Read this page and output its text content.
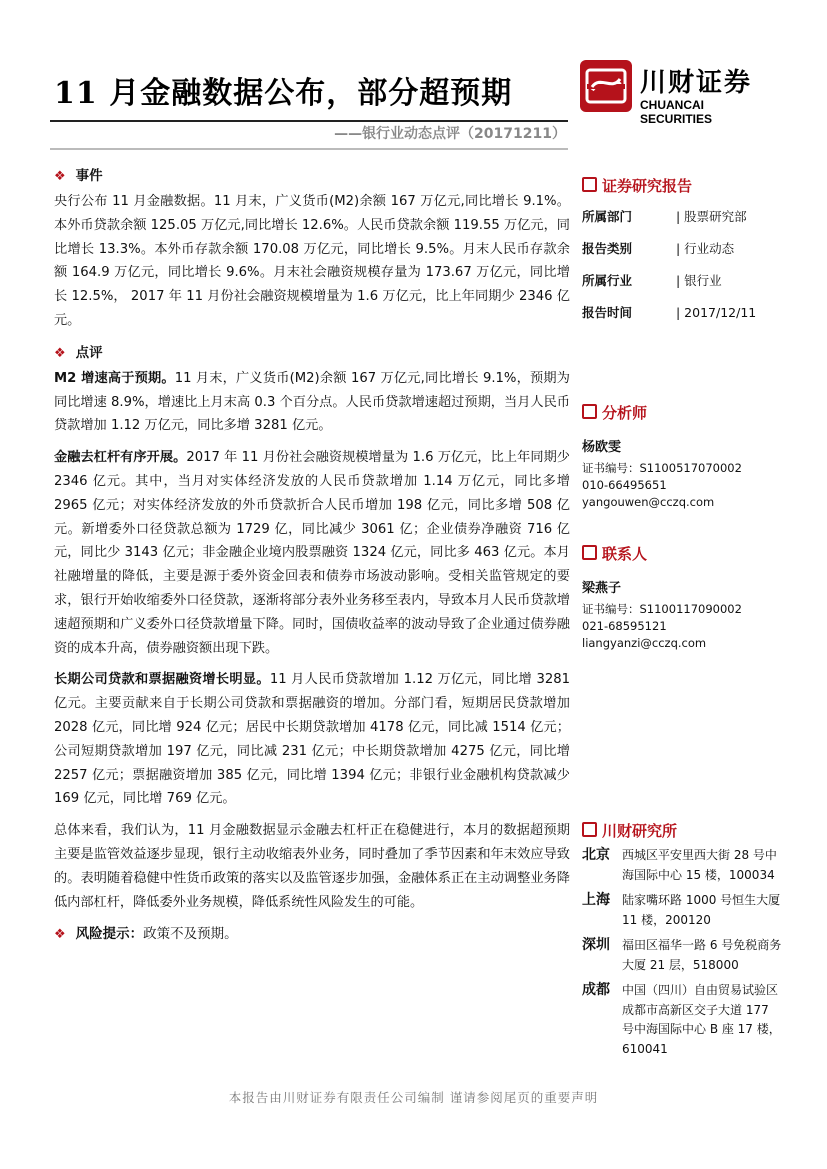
11 月金融数据公布，部分超预期
——银行业动态点评（20171211）
川财证券
CHUANCAI SECURITIES
❖ 事件

央行公布 11 月金融数据。11 月末，广义货币(M2)余额 167 万亿元,同比增长 9.1%。本外币贷款余额 125.05 万亿元,同比增长 12.6%。人民币贷款余额 119.55 万亿元，同比增长 13.3%。本外币存款余额 170.08 万亿元，同比增长 9.5%。月末人民币存款余额 164.9 万亿元，同比增长 9.6%。月末社会融资规模存量为 173.67 万亿元，同比增长 12.5%， 2017 年 11 月份社会融资规模增量为 1.6 万亿元，比上年同期少 2346 亿元。

❖ 点评

M2 增速高于预期。11 月末，广义货币(M2)余额 167 万亿元,同比增长 9.1%，预期为同比增速 8.9%，增速比上月末高 0.3 个百分点。人民币贷款增速超过预期，当月人民币贷款增加 1.12 万亿元，同比多增 3281 亿元。

金融去杠杆有序开展。2017 年 11 月份社会融资规模增量为 1.6 万亿元，比上年同期少 2346 亿元。其中，当月对实体经济发放的人民币贷款增加 1.14 万亿元，同比多增 2965 亿元；对实体经济发放的外币贷款折合人民币增加 198 亿元，同比多增 508 亿元。新增委外口径贷款总额为 1729 亿，同比减少 3061 亿；企业债券净融资 716 亿元，同比少 3143 亿元；非金融企业境内股票融资 1324 亿元，同比多 463 亿元。本月社融增量的降低，主要是源于委外资金回表和债券市场波动影响。受相关监管规定的要求，银行开始收缩委外口径贷款，逐渐将部分表外业务移至表内，导致本月人民币贷款增速超预期和广义委外口径贷款增量下降。同时，国债收益率的波动导致了企业通过债券融资的成本升高，债券融资额出现下跌。

长期公司贷款和票据融资增长明显。11 月人民币贷款增加 1.12 万亿元，同比增 3281 亿元。主要贡献来自于长期公司贷款和票据融资的增加。分部门看，短期居民贷款增加 2028 亿元，同比增 924 亿元；居民中长期贷款增加 4178 亿元，同比减 1514 亿元；公司短期贷款增加 197 亿元，同比减 231 亿元；中长期贷款增加 4275 亿元，同比增 2257 亿元；票据融资增加 385 亿元，同比增 1394 亿元；非银行业金融机构贷款减少 169 亿元，同比增 769 亿元。

总体来看，我们认为，11 月金融数据显示金融去杠杆正在稳健进行，本月的数据超预期主要是监管效益逐步显现，银行主动收缩表外业务，同时叠加了季节因素和年末效应导致的。表明随着稳健中性货币政策的落实以及监管逐步加强，金融体系正在主动调整业务降低内部杠杆，降低委外业务规模，降低系统性风险发生的可能。

❖ 风险提示：政策不及预期。
证券研究报告
所属部门	| 股票研究部
报告类别	| 行业动态
所属行业	| 银行业
报告时间	| 2017/12/11
分析师
杨欧雯
证书编号：S1100517070002
010-66495651
yangouwen@cczq.com
联系人
梁燕子
证书编号：S1100117090002
021-68595121
liangyanzi@cczq.com
川财研究所
北京 西城区平安里西大街 28 号中海国际中心 15 楼，100034
上海 陆家嘴环路 1000 号恒生大厦 11 楼，200120
深圳 福田区福华一路 6 号免税商务大厦 21 层，518000
成都 中国（四川）自由贸易试验区成都市高新区交子大道 177 号中海国际中心 B 座 17 楼，610041
本报告由川财证券有限责任公司编制 谨请参阅尾页的重要声明
